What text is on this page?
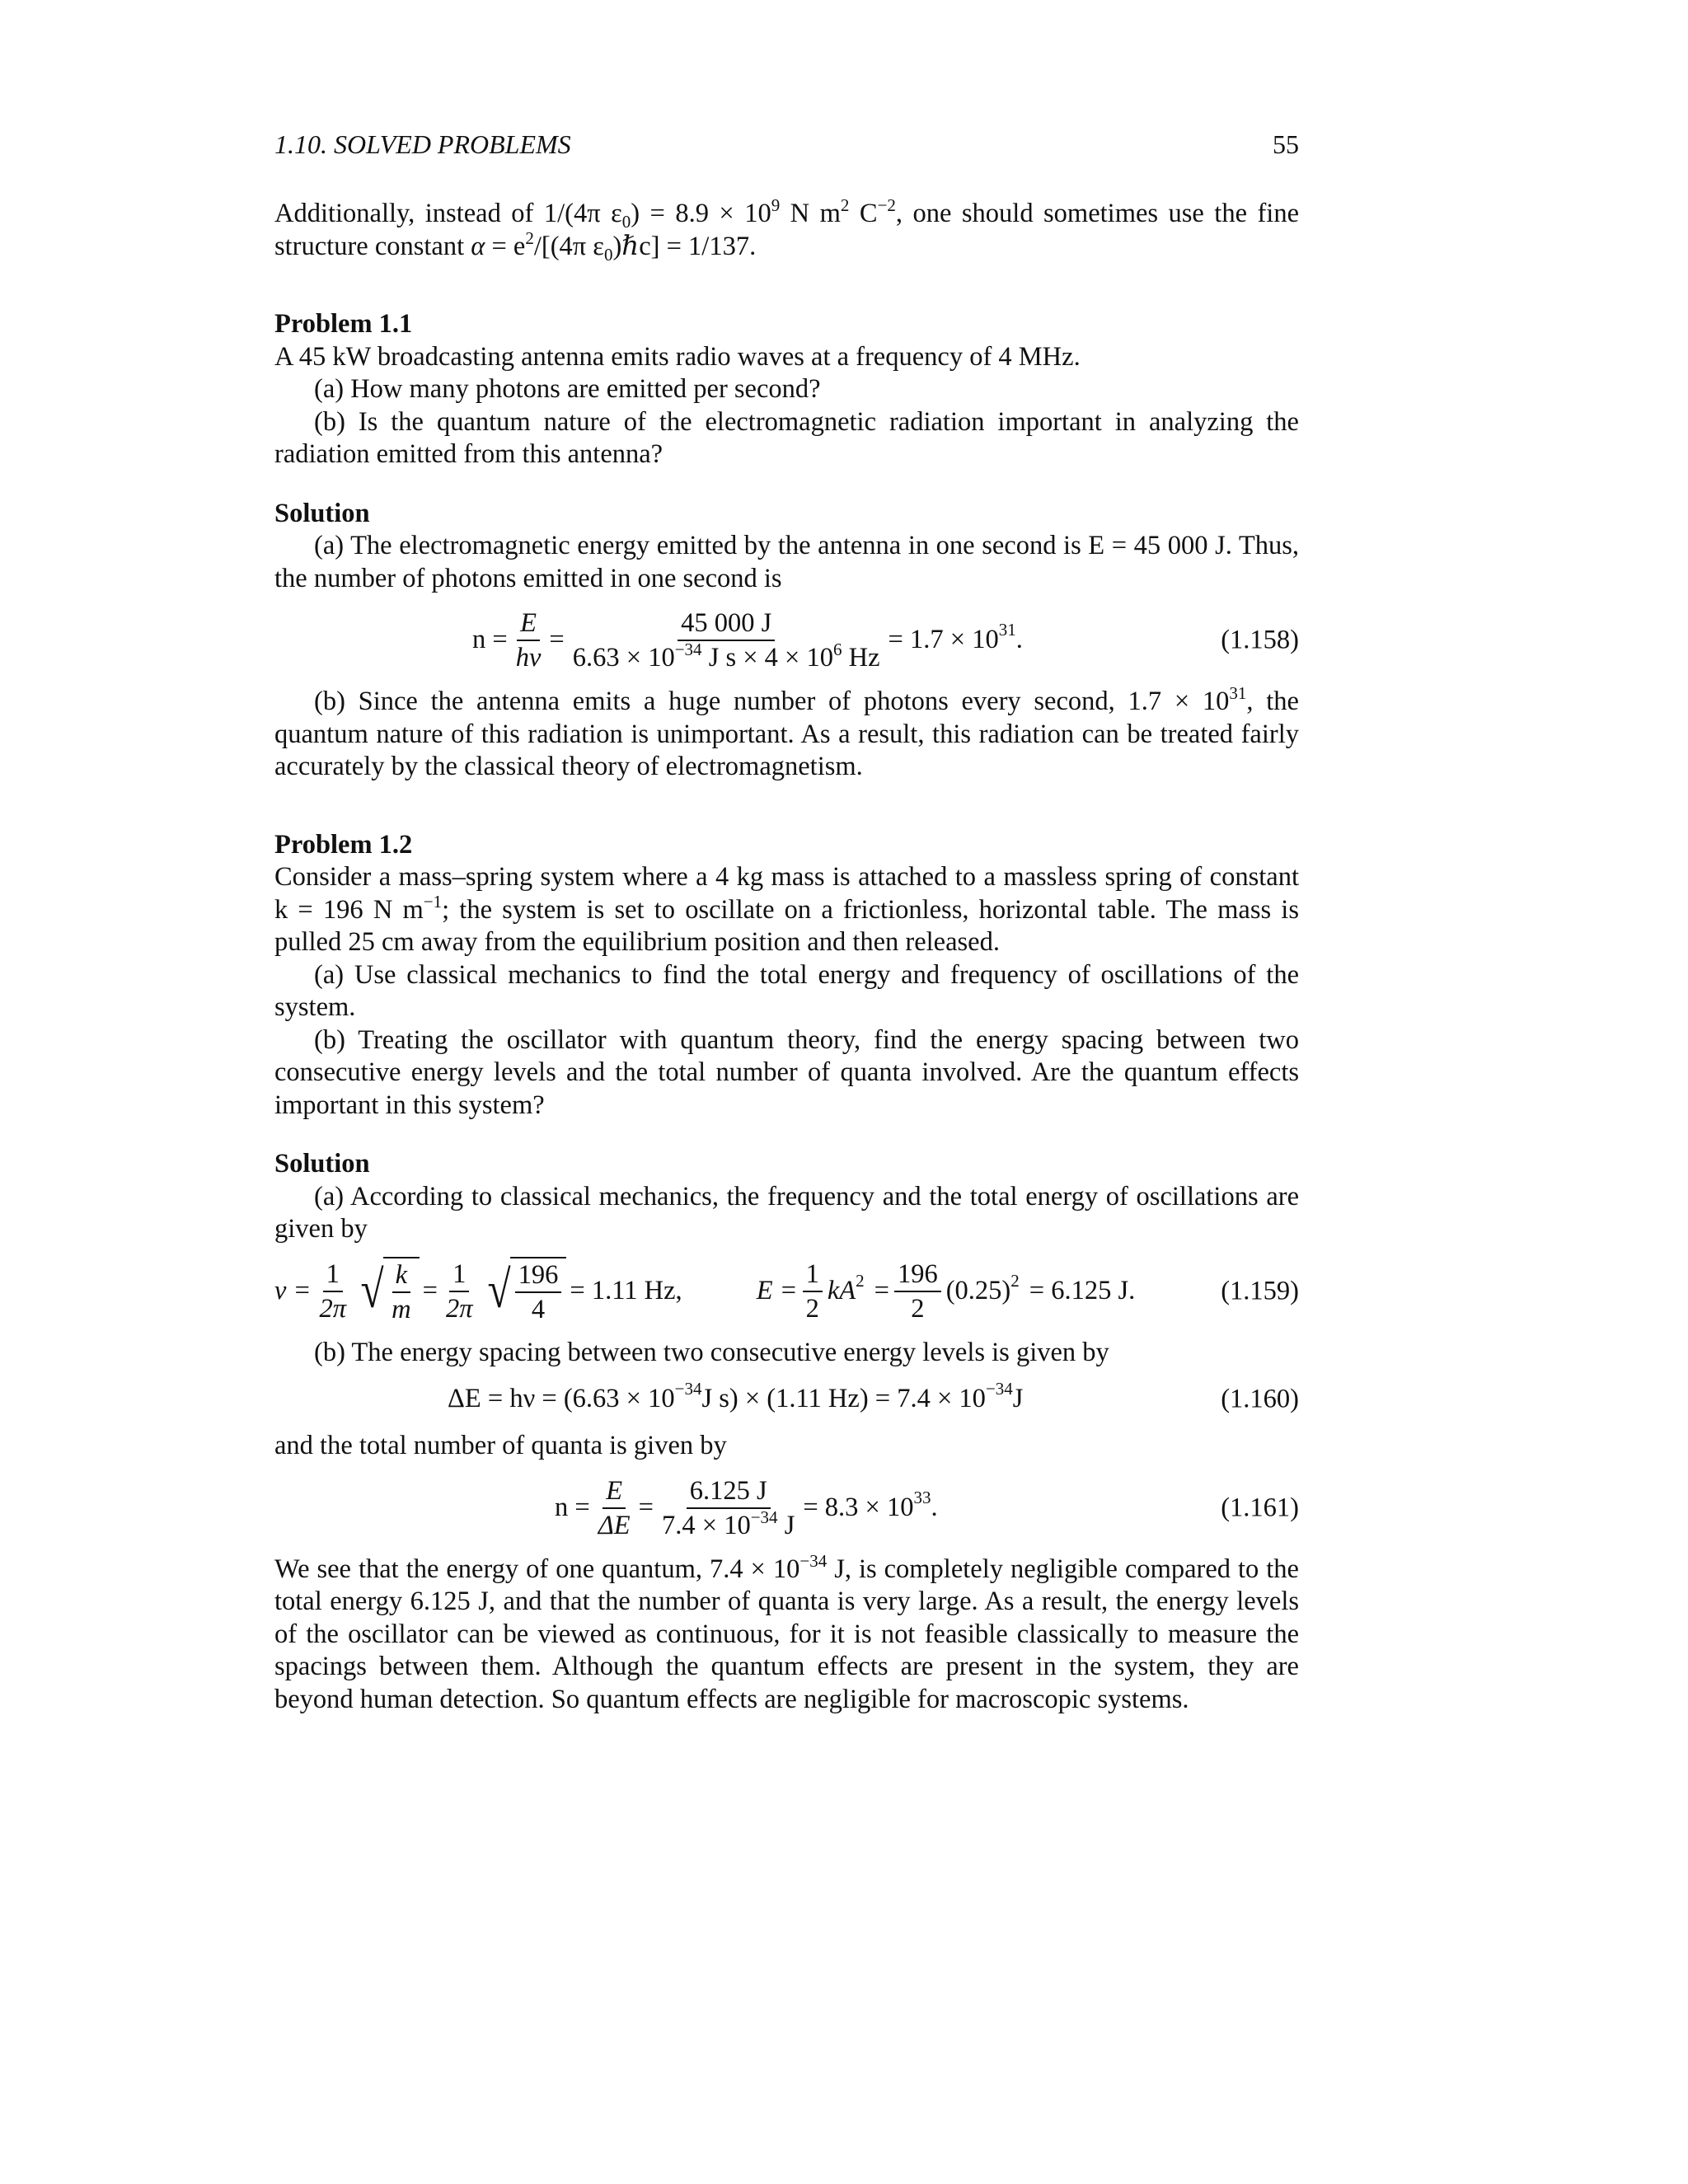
1.10. SOLVED PROBLEMS	55

Additionally, instead of 1/(4π $\varepsilon_0) = 8.9 \times 10^9$ N $m^2$ $C^{-2}$, one should sometimes use the fine structure constant $\alpha = e^2/[(4\pi$ $\varepsilon_0)\hbar c] = 1/137$.

Problem 1.1

A 45 kW broadcasting antenna emits radio waves at a frequency of 4 MHz.

(a) How many photons are emitted per second?

(b) Is the quantum nature of the electromagnetic radiation important in analyzing the radiation emitted from this antenna?

Solution

(a) The electromagnetic energy emitted by the antenna in one second is E = 45 000 J. Thus, the number of photons emitted in one second is

$n = \frac{E}{h\nu} = \frac{45 000 J}{6.63 \times 10^{-34} J s \times 4 \times 10^6 Hz} = 1.7 \times 10^{31}$ .	(1.158)

(b) Since the antenna emits a huge number of photons every second, $1.7 \times 10^{31}$, the quantum nature of this radiation is unimportant. As a result, this radiation can be treated fairly accurately by the classical theory of electromagnetism.

Problem 1.2

Consider a mass–spring system where a 4 kg mass is attached to a massless spring of constant k = 196 N $m^{-1}$; the system is set to oscillate on a frictionless, horizontal table. The mass is pulled 25 cm away from the equilibrium position and then released.

(a) Use classical mechanics to find the total energy and frequency of oscillations of the system.

(b) Treating the oscillator with quantum theory, find the energy spacing between two consecutive energy levels and the total number of quanta involved. Are the quantum effects important in this system?

Solution

(a) According to classical mechanics, the frequency and the total energy of oscillations are given by

$\nu = \frac{1}{2\pi}$ √ $\frac{k}{m} = \frac{1}{2\pi}$ √ $\frac{196}{4} = 1.11$ Hz,	$E = \frac{1}{2} kA^2 = \frac{196}{2} (0.25)^2 = 6.125$ J.	(1.159)

(b) The energy spacing between two consecutive energy levels is given by

$\Delta E = h\nu = (6.63 \times 10^{-34}$ J s) × (1.11 $Hz) = 7.4 \times 10^{-34}$ J	(1.160)

and the total number of quanta is given by

$n = \frac{E}{\Delta E} = \frac{6.125 J}{7.4 \times 10^{-34} J} = 8.3 \times 10^{33}$ .	(1.161)

We see that the energy of one quantum, $7.4 \times 10^{-34}$ J, is completely negligible compared to the total energy 6.125 J, and that the number of quanta is very large. As a result, the energy levels of the oscillator can be viewed as continuous, for it is not feasible classically to measure the spacings between them. Although the quantum effects are present in the system, they are beyond human detection. So quantum effects are negligible for macroscopic systems.
